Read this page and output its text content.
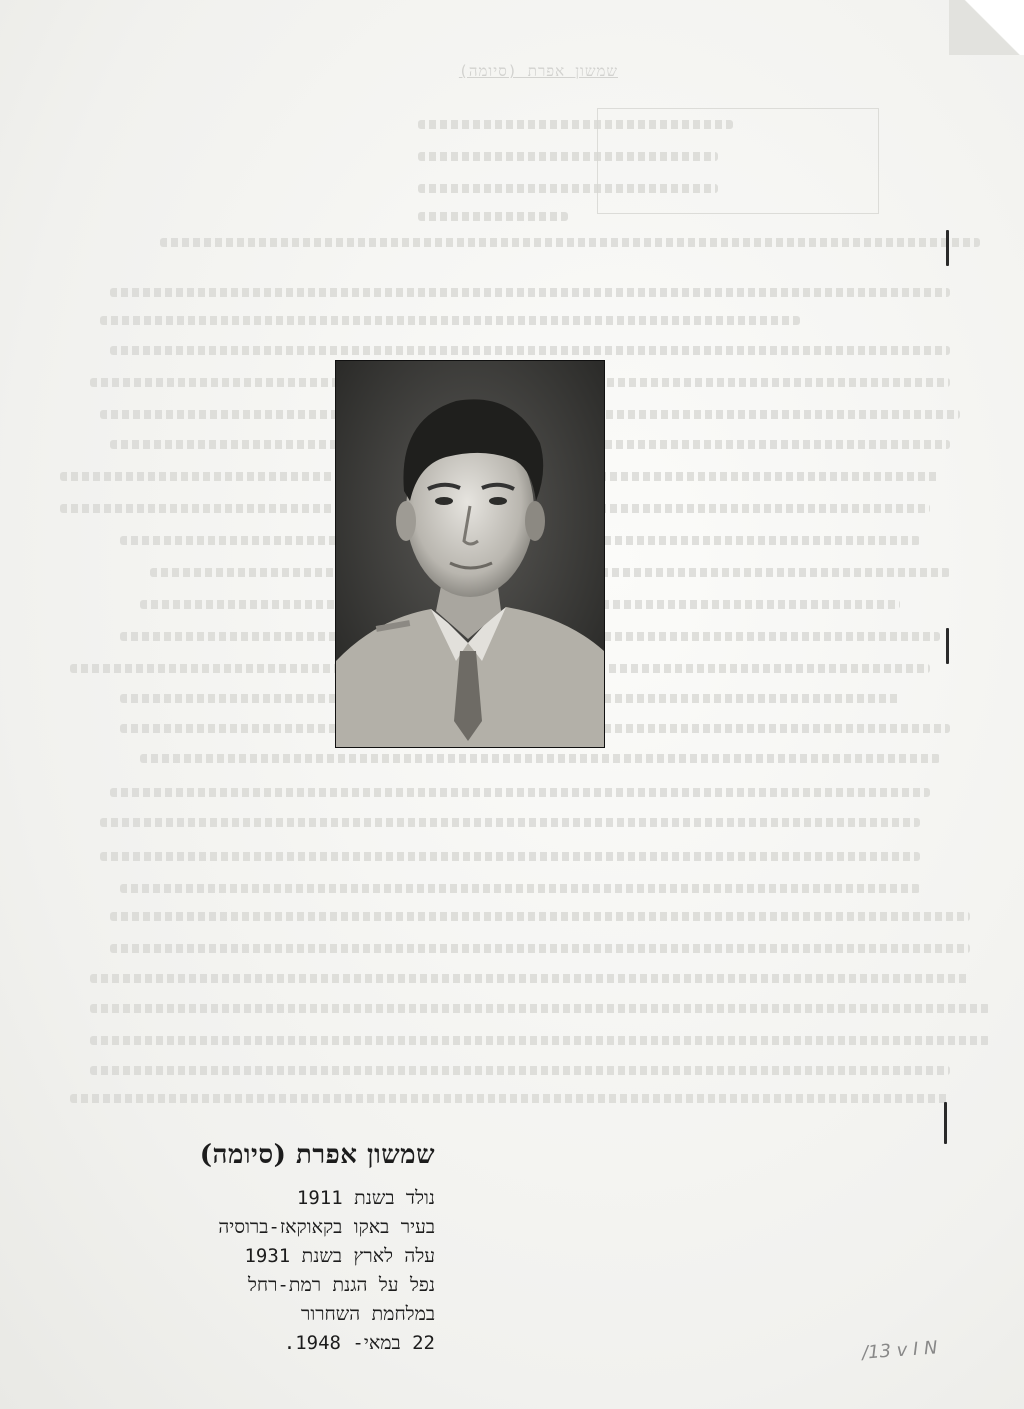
שמשון אפרת (סיומה)
שמשון אפרת (סיומה)
נולד בשנת 1911
בעיר באקו בקאוקאז-ברוסיה
עלה לארץ בשנת 1931
נפל על הגנת רמת-רחל
במלחמת השחרור
22 במאי- 1948.	/13 v I N
